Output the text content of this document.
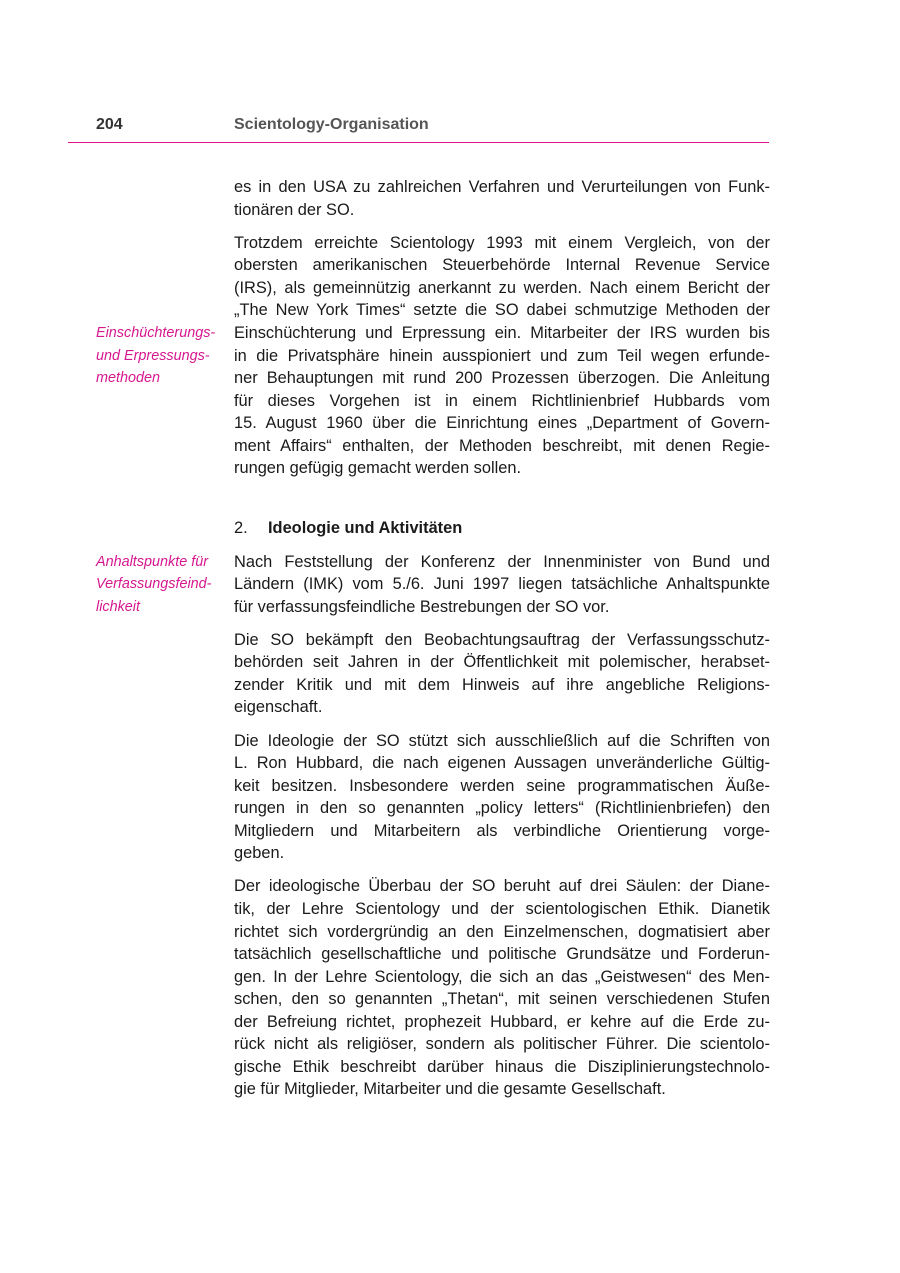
204	Scientology-Organisation
Einschüchterungs-
und Erpressungs-
methoden
Anhaltspunkte für
Verfassungsfeind-
lichkeit
es in den USA zu zahlreichen Verfahren und Verurteilungen von Funk-
tionären der SO.
Trotzdem erreichte Scientology 1993 mit einem Vergleich, von der
obersten amerikanischen Steuerbehörde Internal Revenue Service
(IRS), als gemeinnützig anerkannt zu werden. Nach einem Bericht der
„The New York Times“ setzte die SO dabei schmutzige Methoden der
Einschüchterung und Erpressung ein. Mitarbeiter der IRS wurden bis
in die Privatsphäre hinein ausspioniert und zum Teil wegen erfunde-
ner Behauptungen mit rund 200 Prozessen überzogen. Die Anleitung
für dieses Vorgehen ist in einem Richtlinienbrief Hubbards vom
15. August 1960 über die Einrichtung eines „Department of Govern-
ment Affairs“ enthalten, der Methoden beschreibt, mit denen Regie-
rungen gefügig gemacht werden sollen.
2. Ideologie und Aktivitäten
Nach Feststellung der Konferenz der Innenminister von Bund und
Ländern (IMK) vom 5./6. Juni 1997 liegen tatsächliche Anhaltspunkte
für verfassungsfeindliche Bestrebungen der SO vor.
Die SO bekämpft den Beobachtungsauftrag der Verfassungsschutz-
behörden seit Jahren in der Öffentlichkeit mit polemischer, herabset-
zender Kritik und mit dem Hinweis auf ihre angebliche Religions-
eigenschaft.
Die Ideologie der SO stützt sich ausschließlich auf die Schriften von
L. Ron Hubbard, die nach eigenen Aussagen unveränderliche Gültig-
keit besitzen. Insbesondere werden seine programmatischen Äuße-
rungen in den so genannten „policy letters“ (Richtlinienbriefen) den
Mitgliedern und Mitarbeitern als verbindliche Orientierung vorge-
geben.
Der ideologische Überbau der SO beruht auf drei Säulen: der Diane-
tik, der Lehre Scientology und der scientologischen Ethik. Dianetik
richtet sich vordergründig an den Einzelmenschen, dogmatisiert aber
tatsächlich gesellschaftliche und politische Grundsätze und Forderun-
gen. In der Lehre Scientology, die sich an das „Geistwesen“ des Men-
schen, den so genannten „Thetan“, mit seinen verschiedenen Stufen
der Befreiung richtet, prophezeit Hubbard, er kehre auf die Erde zu-
rück nicht als religiöser, sondern als politischer Führer. Die scientolo-
gische Ethik beschreibt darüber hinaus die Disziplinierungstechnolo-
gie für Mitglieder, Mitarbeiter und die gesamte Gesellschaft.
